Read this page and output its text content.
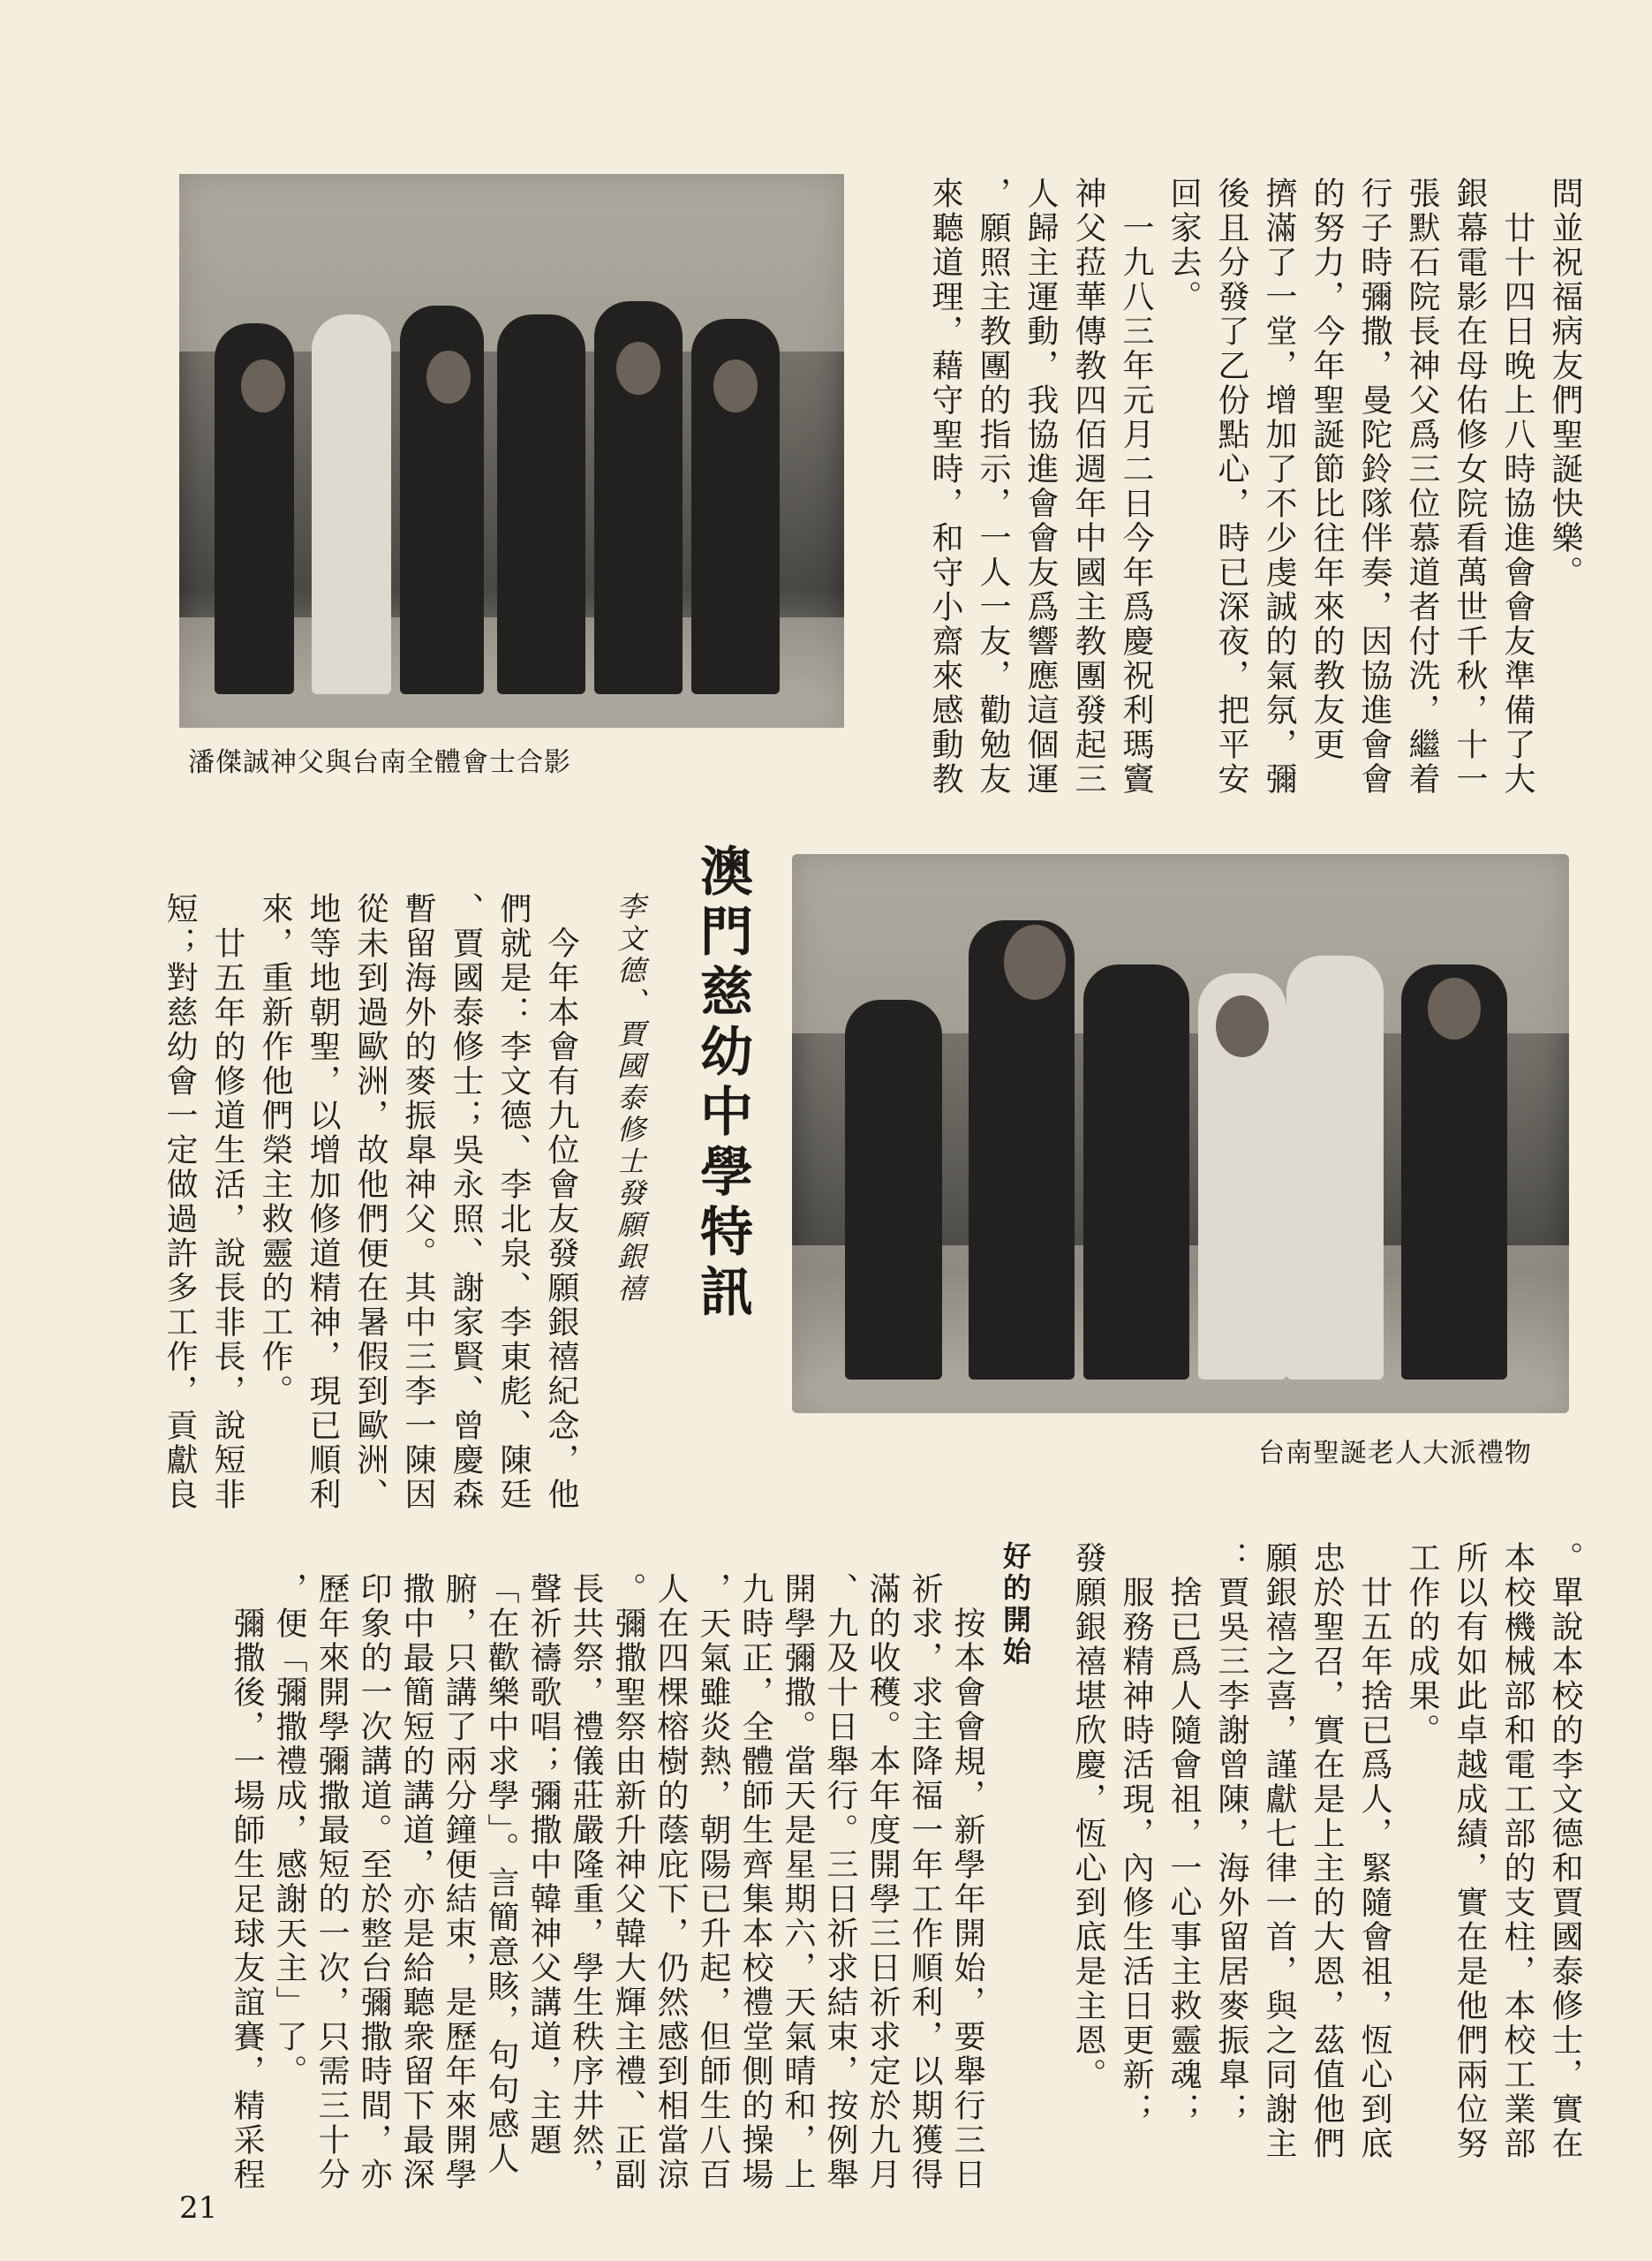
問並祝福病友們聖誕快樂。
　廿十四日晚上八時協進會會友準備了大
銀幕電影在母佑修女院看萬世千秋，十一
張默石院長神父爲三位慕道者付洗，繼着
行子時彌撒，曼陀鈴隊伴奏，因協進會會
的努力，今年聖誕節比往年來的教友更
擠滿了一堂，增加了不少虔誠的氣氛，彌
後且分發了乙份點心，時已深夜，把平安
回家去。
　一九八三年元月二日今年爲慶祝利瑪竇
神父菈華傳教四佰週年中國主教團發起三
人歸主運動，我協進會會友爲響應這個運
，願照主教團的指示，一人一友，勸勉友
來聽道理，藉守聖時，和守小齋來感動教
潘傑誠神父與台南全體會士合影
台南聖誕老人大派禮物
澳門慈幼中學特訊
李文德、賈國泰修士發願銀禧
　今年本會有九位會友發願銀禧紀念，他
們就是：李文德、李北泉、李東彪、陳廷
、賈國泰修士；吳永照、謝家賢、曾慶森
暫留海外的麥振臯神父。其中三李一陳因
從未到過歐洲，故他們便在暑假到歐洲、
地等地朝聖，以增加修道精神，現已順利
來，重新作他們榮主救靈的工作。
　廿五年的修道生活，說長非長，說短非
短；對慈幼會一定做過許多工作，貢獻良
。單說本校的李文德和賈國泰修士，實在
本校機械部和電工部的支柱，本校工業部
所以有如此卓越成績，實在是他們兩位努
工作的成果。
　廿五年捨已爲人，緊隨會祖，恆心到底
忠於聖召，實在是上主的大恩，茲值他們
願銀禧之喜，謹獻七律一首，與之同謝主
：賈吳三李謝曾陳，海外留居麥振臯；
　捨已爲人隨會祖，一心事主救靈魂；
　服務精神時活現，內修生活日更新；
發願銀禧堪欣慶，恆心到底是主恩。
好的開始
　按本會會規，新學年開始，要舉行三日
祈求，求主降福一年工作順利，以期獲得
滿的收穫。本年度開學三日祈求定於九月
、九及十日舉行。三日祈求結束，按例舉
開學彌撒。當天是星期六，天氣晴和，上
九時正，全體師生齊集本校禮堂側的操場
，天氣雖炎熱，朝陽已升起，但師生八百
人在四棵榕樹的蔭庇下，仍然感到相當涼
。彌撒聖祭由新升神父韓大輝主禮、正副
長共祭，禮儀莊嚴隆重，學生秩序井然，
聲祈禱歌唱；彌撒中韓神父講道，主題
「在歡樂中求學」。言簡意賅，句句感人
腑，只講了兩分鐘便結束，是歷年來開學
撒中最簡短的講道，亦是給聽衆留下最深
印象的一次講道。至於整台彌撒時間，亦
歷年來開學彌撒最短的一次，只需三十分
，便「彌撒禮成，感謝天主」了。
　彌撒後，一場師生足球友誼賽，精采程
21
